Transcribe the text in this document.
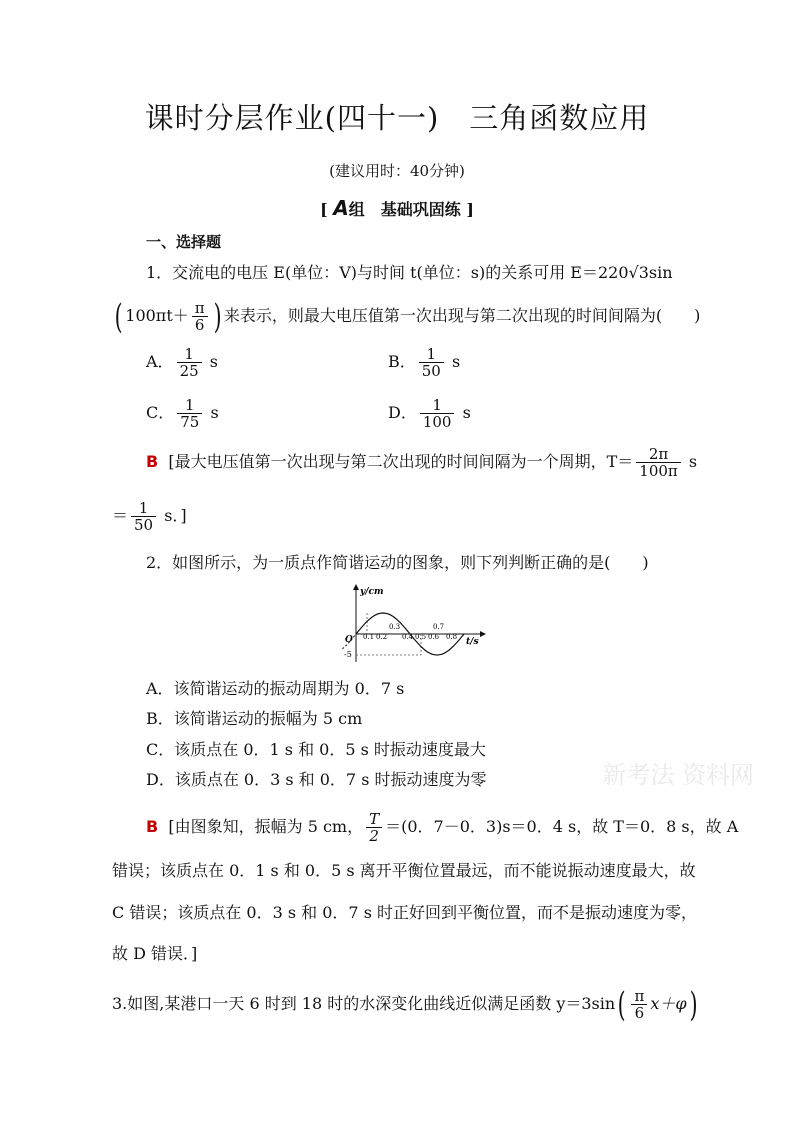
课时分层作业(四十一)　三角函数应用
(建议用时：40分钟)
[ A组　基础巩固练 ]
一、选择题
1．交流电的电压 E(单位：V)与时间 t(单位：s)的关系可用 E＝220√3sin
( $100\pi t+ \frac{\pi}{6}$ ) 来表示，则最大电压值第一次出现与第二次出现的时间间隔为(　　)
A． $\frac{1}{25}$ s	B． $\frac{1}{50}$ s
C． $\frac{1}{75}$ s	D． $\frac{1}{100}$ s
B [最大电压值第一次出现与第二次出现的时间间隔为一个周期，$T= \frac{2\pi}{100\pi}$ s
＝ $\frac{1}{50}$ s．]
2．如图所示，为一质点作简谐运动的图象，则下列判断正确的是(　　)
y/cm
t/s
O
-5
0.1 0.2
0.3
0.4 0.5 0.6
0.7
0.8
A．该简谐运动的振动周期为 0．7 s
B．该简谐运动的振幅为 5 cm
C．该质点在 0．1 s 和 0．5 s 时振动速度最大
D．该质点在 0．3 s 和 0．7 s 时振动速度为零	新考法 资料网
B [由图象知，振幅为 5 cm， $\frac{T}{2} =(0$．7－0．3)s＝0．4 s，故 T＝0．8 s，故 A
错误；该质点在 0．1 s 和 0．5 s 离开平衡位置最远，而不能说振动速度最大，故
C 错误；该质点在 0．3 s 和 0．7 s 时正好回到平衡位置，而不是振动速度为零，
故 D 错误．]
3.如图,某港口一天 6 时到 18 时的水深变化曲线近似满足函数 $y=3\sin( \frac{\pi}{6} x+\varphi)$
